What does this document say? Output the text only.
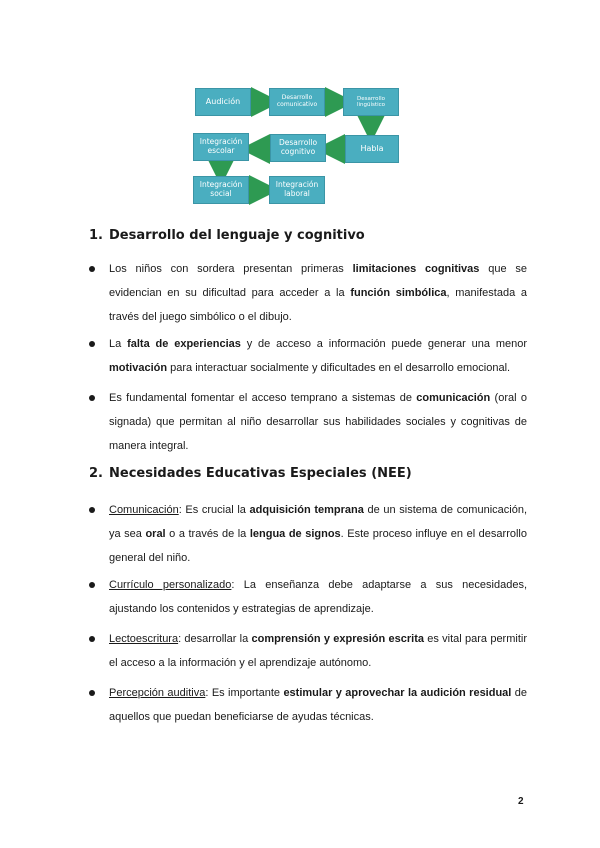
Audición	Desarrollo
comunicativo
Desarrollo
lingüístico
Habla
Desarrollo
cognitivo
Integración
escolar
Integración
social
Integración
laboral
1. Desarrollo del lenguaje y cognitivo

Los niños con sordera presentan primeras limitaciones cognitivas que se evidencian en su dificultad para acceder a la función simbólica, manifestada a través del juego simbólico o el dibujo.

La falta de experiencias y de acceso a información puede generar una menor motivación para interactuar socialmente y dificultades en el desarrollo emocional.

Es fundamental fomentar el acceso temprano a sistemas de comunicación (oral o signada) que permitan al niño desarrollar sus habilidades sociales y cognitivas de manera integral.

2. Necesidades Educativas Especiales (NEE)

Comunicación: Es crucial la adquisición temprana de un sistema de comunicación, ya sea oral o a través de la lengua de signos. Este proceso influye en el desarrollo general del niño.

Currículo personalizado: La enseñanza debe adaptarse a sus necesidades, ajustando los contenidos y estrategias de aprendizaje.

Lectoescritura: desarrollar la comprensión y expresión escrita es vital para permitir el acceso a la información y el aprendizaje autónomo.

Percepción auditiva: Es importante estimular y aprovechar la audición residual de aquellos que puedan beneficiarse de ayudas técnicas.

2
